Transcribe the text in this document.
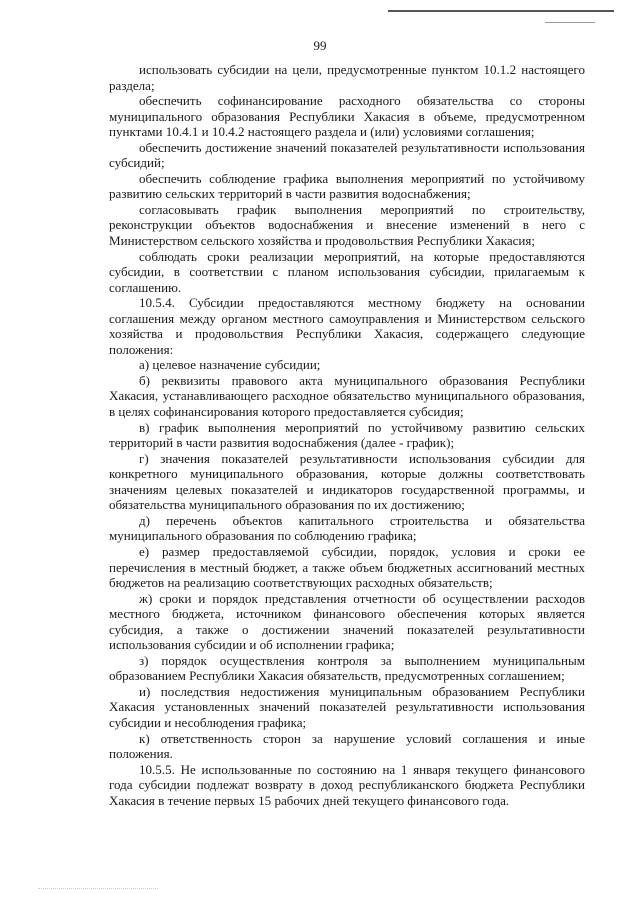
99

использовать субсидии на цели, предусмотренные пунктом 10.1.2 настоящего раздела;

обеспечить софинансирование расходного обязательства со стороны муниципального образования Республики Хакасия в объеме, предусмотренном пунктами 10.4.1 и 10.4.2 настоящего раздела и (или) условиями соглашения;

обеспечить достижение значений показателей результативности использования субсидий;

обеспечить соблюдение графика выполнения мероприятий по устойчивому развитию сельских территорий в части развития водоснабжения;

согласовывать график выполнения мероприятий по строительству, реконструкции объектов водоснабжения и внесение изменений в него с Министерством сельского хозяйства и продовольствия Республики Хакасия;

соблюдать сроки реализации мероприятий, на которые предоставляются субсидии, в соответствии с планом использования субсидии, прилагаемым к соглашению.

10.5.4. Субсидии предоставляются местному бюджету на основании соглашения между органом местного самоуправления и Министерством сельского хозяйства и продовольствия Республики Хакасия, содержащего следующие положения:

а) целевое назначение субсидии;

б) реквизиты правового акта муниципального образования Республики Хакасия, устанавливающего расходное обязательство муниципального образования, в целях софинансирования которого предоставляется субсидия;

в) график выполнения мероприятий по устойчивому развитию сельских территорий в части развития водоснабжения (далее - график);

г) значения показателей результативности использования субсидии для конкретного муниципального образования, которые должны соответствовать значениям целевых показателей и индикаторов государственной программы, и обязательства муниципального образования по их достижению;

д) перечень объектов капитального строительства и обязательства муниципального образования по соблюдению графика;

е) размер предоставляемой субсидии, порядок, условия и сроки ее перечисления в местный бюджет, а также объем бюджетных ассигнований местных бюджетов на реализацию соответствующих расходных обязательств;

ж) сроки и порядок представления отчетности об осуществлении расходов местного бюджета, источником финансового обеспечения которых является субсидия, а также о достижении значений показателей результативности использования субсидии и об исполнении графика;

з) порядок осуществления контроля за выполнением муниципальным образованием Республики Хакасия обязательств, предусмотренных соглашением;

и) последствия недостижения муниципальным образованием Республики Хакасия установленных значений показателей результативности использования субсидии и несоблюдения графика;

к) ответственность сторон за нарушение условий соглашения и иные положения.

10.5.5. Не использованные по состоянию на 1 января текущего финансового года субсидии подлежат возврату в доход республиканского бюджета Республики Хакасия в течение первых 15 рабочих дней текущего финансового года.
